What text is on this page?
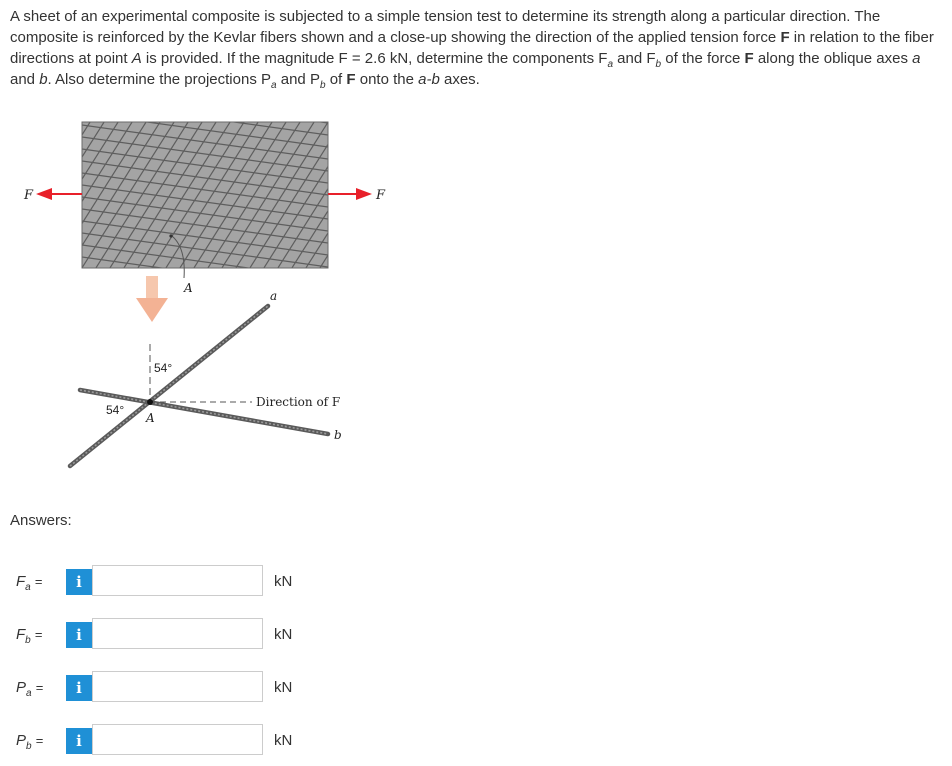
A sheet of an experimental composite is subjected to a simple tension test to determine its strength along a particular direction. The composite is reinforced by the Kevlar fibers shown and a close-up showing the direction of the applied tension force F in relation to the fiber directions at point A is provided. If the magnitude F = 2.6 kN, determine the components $F_a$ and $F_b$ of the force F along the oblique axes a and b. Also determine the projections $P_a$ and $P_b$ of F onto the a-b axes.
F	F
A
a
b
Direction of F
A
54°
54°
Answers:
$F_a$ =	i	kN
$F_b$ =	i	kN
$P_a$ =	i	kN
$P_b$ =	i	kN
